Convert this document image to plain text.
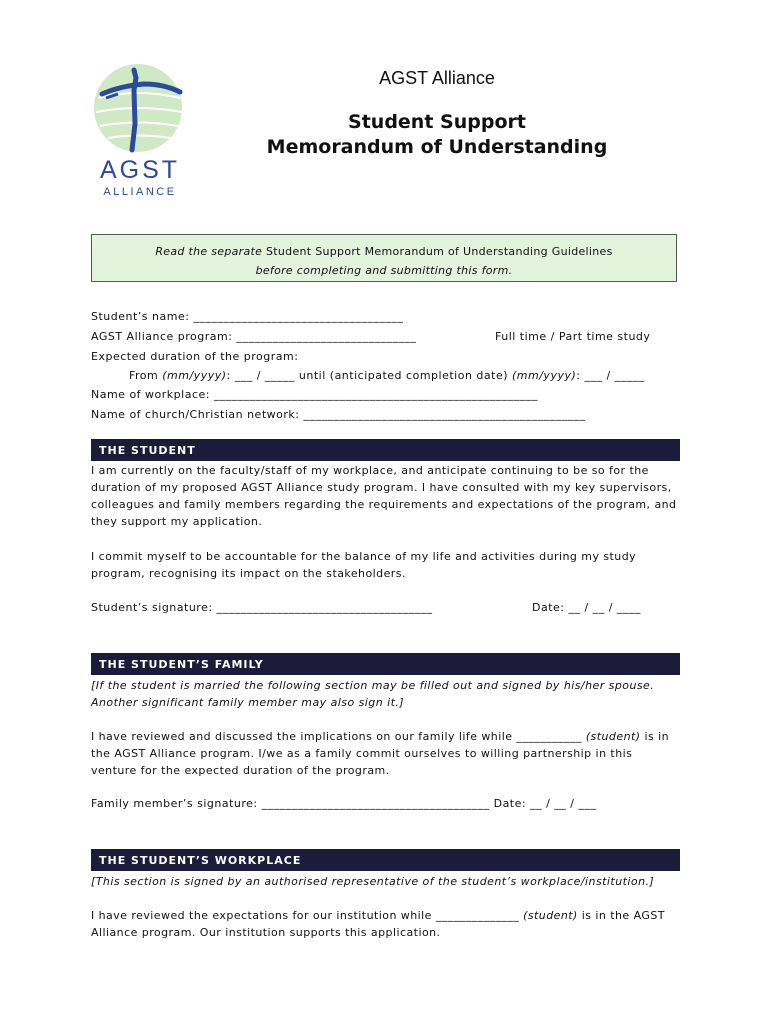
AGST
ALLIANCE
AGST Alliance
Student Support
Memorandum of Understanding
Read the separate Student Support Memorandum of Understanding Guidelines
before completing and submitting this form.
Student’s name: ___________________________________
AGST Alliance program: ______________________________	Full time / Part time study
Expected duration of the program:
From (mm/yyyy): ___ / _____ until (anticipated completion date) (mm/yyyy): ___ / _____
Name of workplace: ______________________________________________________
Name of church/Christian network: _______________________________________________
THE STUDENT
I am currently on the faculty/staff of my workplace, and anticipate continuing to be so for the duration of my proposed AGST Alliance study program. I have consulted with my key supervisors, colleagues and family members regarding the requirements and expectations of the program, and they support my application.
I commit myself to be accountable for the balance of my life and activities during my study program, recognising its impact on the stakeholders.
Student’s signature: ____________________________________	Date: __ / __ / ____
THE STUDENT’S FAMILY
[If the student is married the following section may be filled out and signed by his/her spouse. Another significant family member may also sign it.]
I have reviewed and discussed the implications on our family life while ___________ (student) is in the AGST Alliance program. I/we as a family commit ourselves to willing partnership in this venture for the expected duration of the program.
Family member’s signature: ______________________________________ Date: __ / __ / ___
THE STUDENT’S WORKPLACE
[This section is signed by an authorised representative of the student’s workplace/institution.]
I have reviewed the expectations for our institution while ______________ (student) is in the AGST Alliance program. Our institution supports this application.
